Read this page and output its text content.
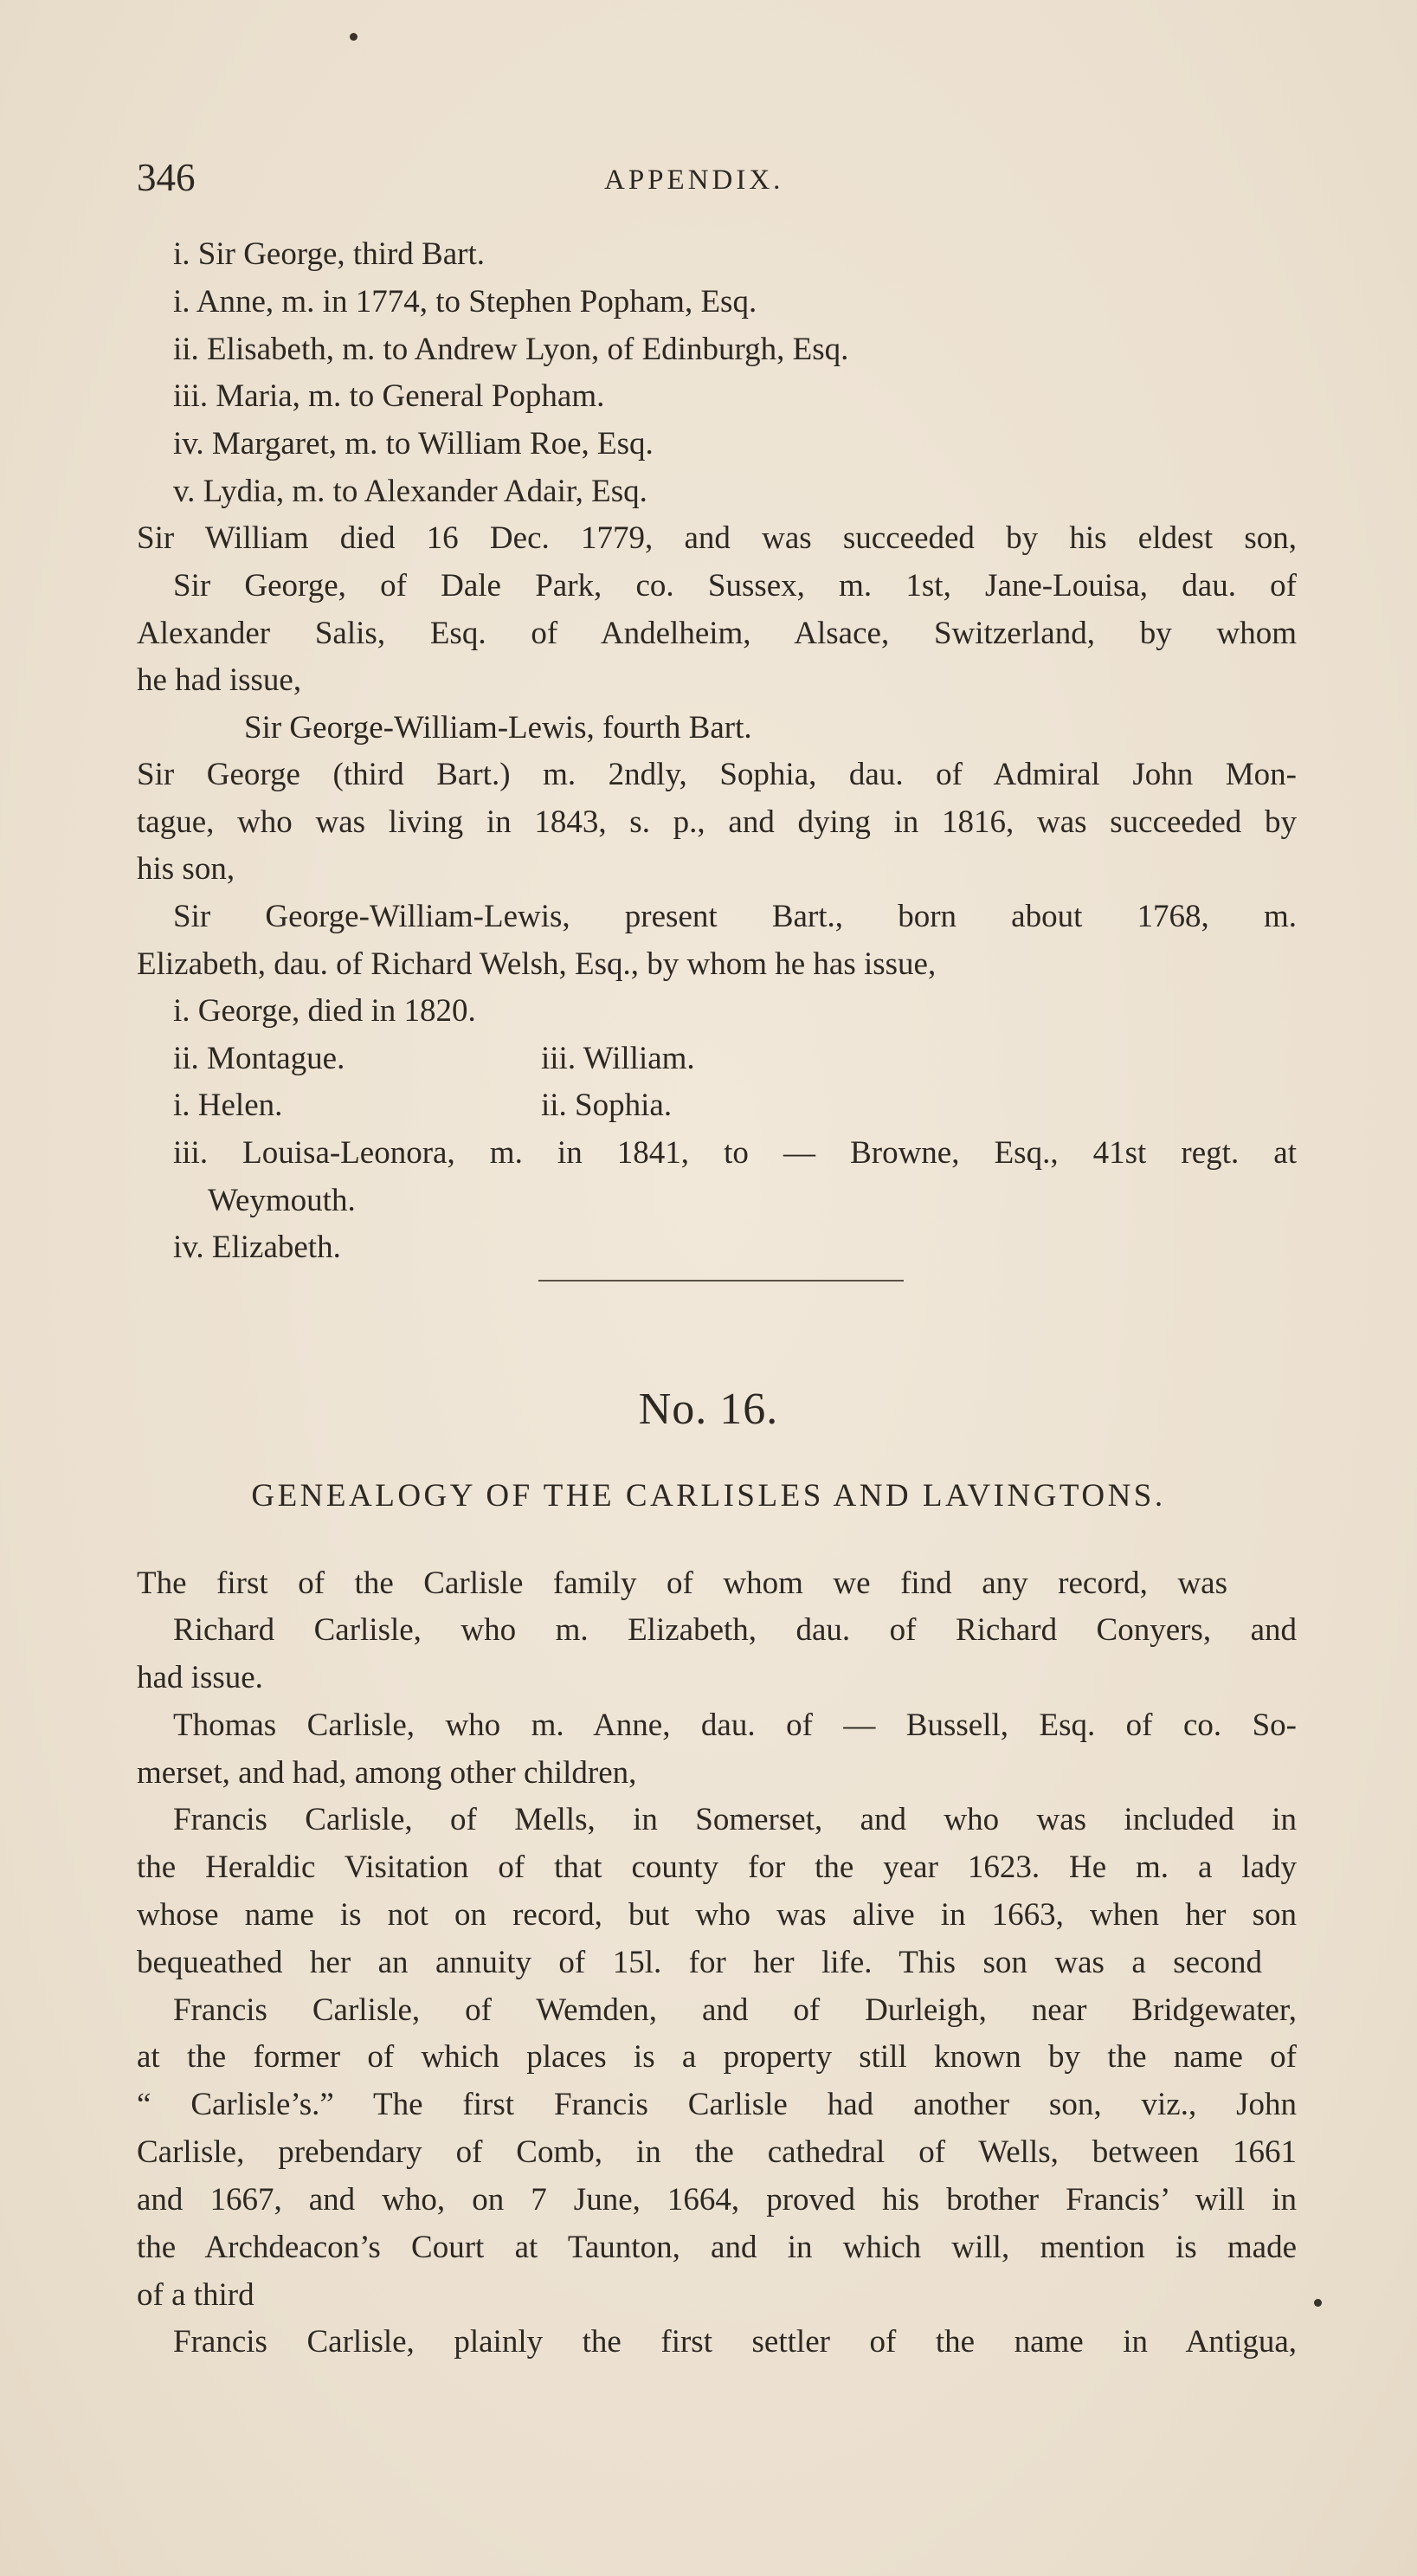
346	APPENDIX.
i. Sir George, third Bart.
i. Anne, m. in 1774, to Stephen Popham, Esq.
ii. Elisabeth, m. to Andrew Lyon, of Edinburgh, Esq.
iii. Maria, m. to General Popham.
iv. Margaret, m. to William Roe, Esq.
v. Lydia, m. to Alexander Adair, Esq.
Sir William died 16 Dec. 1779, and was succeeded by his eldest son,
Sir George, of Dale Park, co. Sussex, m. 1st, Jane-Louisa, dau. of
Alexander Salis, Esq. of Andelheim, Alsace, Switzerland, by whom
he had issue,
Sir George-William-Lewis, fourth Bart.
Sir George (third Bart.) m. 2ndly, Sophia, dau. of Admiral John Mon-
tague, who was living in 1843, s. p., and dying in 1816, was succeeded by
his son,
Sir George-William-Lewis, present Bart., born about 1768, m.
Elizabeth, dau. of Richard Welsh, Esq., by whom he has issue,
i. George, died in 1820.
ii. Montague.	iii. William.
i. Helen.	ii. Sophia.
iii. Louisa-Leonora, m. in 1841, to — Browne, Esq., 41st regt. at
Weymouth.
iv. Elizabeth.
No. 16.
GENEALOGY OF THE CARLISLES AND LAVINGTONS.
The first of the Carlisle family of whom we find any record, was
Richard Carlisle, who m. Elizabeth, dau. of Richard Conyers, and
had issue.
Thomas Carlisle, who m. Anne, dau. of — Bussell, Esq. of co. So-
merset, and had, among other children,
Francis Carlisle, of Mells, in Somerset, and who was included in
the Heraldic Visitation of that county for the year 1623. He m. a lady
whose name is not on record, but who was alive in 1663, when her son
bequeathed her an annuity of 15l. for her life. This son was a second
Francis Carlisle, of Wemden, and of Durleigh, near Bridgewater,
at the former of which places is a property still known by the name of
“ Carlisle’s.” The first Francis Carlisle had another son, viz., John
Carlisle, prebendary of Comb, in the cathedral of Wells, between 1661
and 1667, and who, on 7 June, 1664, proved his brother Francis’ will in
the Archdeacon’s Court at Taunton, and in which will, mention is made
of a third
Francis Carlisle, plainly the first settler of the name in Antigua,
